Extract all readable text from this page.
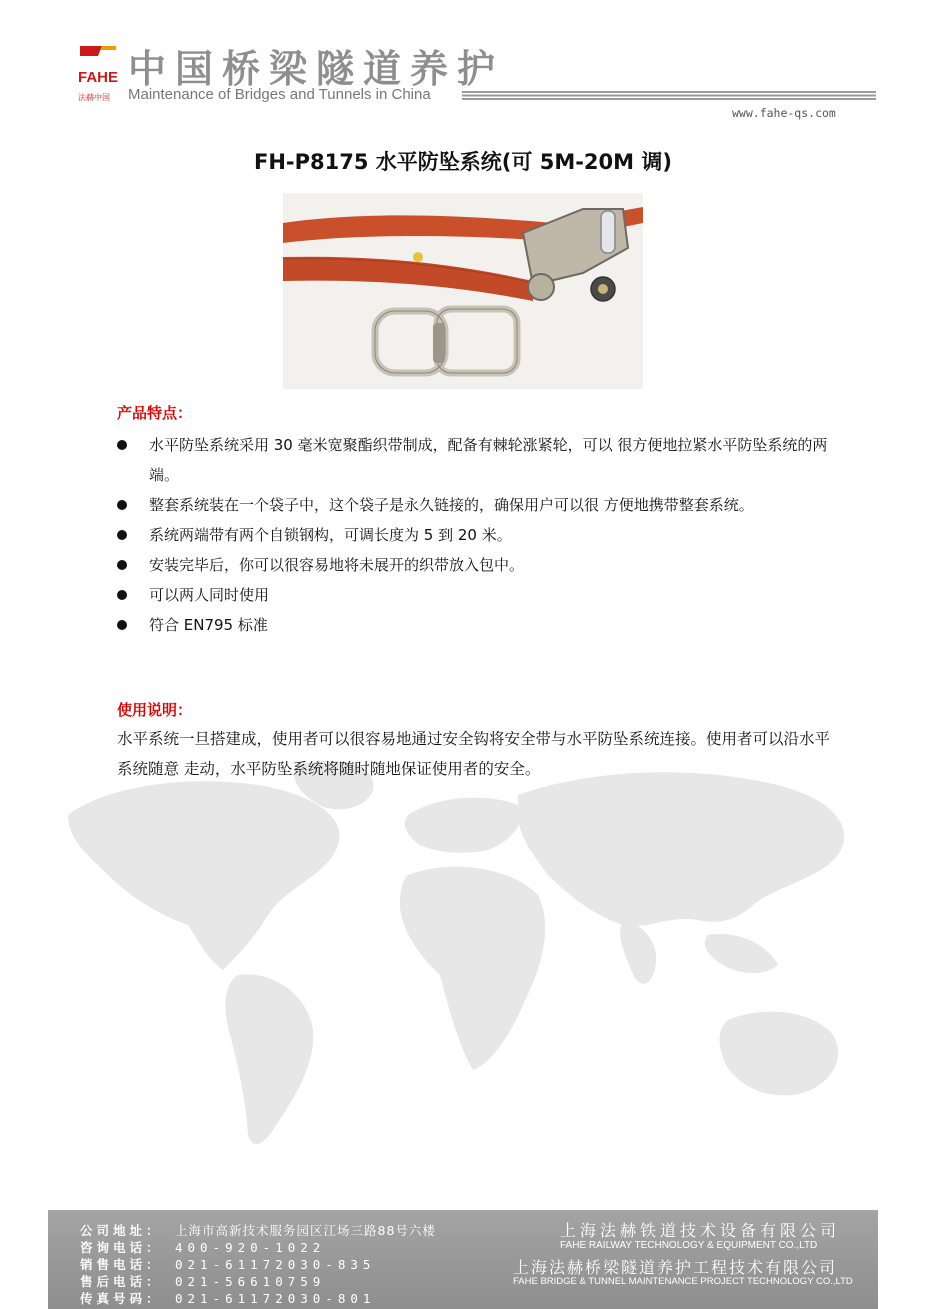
FAHE
法赫中国
中国桥梁隧道养护
Maintenance of Bridges and Tunnels in China
www.fahe-qs.com
FH-P8175 水平防坠系统(可 5M-20M 调)
产品特点：
水平防坠系统采用 30 毫米宽聚酯织带制成，配备有棘轮涨紧轮，可以 很方便地拉紧水平防坠系统的两端。
整套系统装在一个袋子中，这个袋子是永久链接的，确保用户可以很 方便地携带整套系统。
系统两端带有两个自锁钢构，可调长度为 5 到 20 米。
安装完毕后，你可以很容易地将未展开的织带放入包中。
可以两人同时使用
符合 EN795 标准
使用说明：
水平系统一旦搭建成，使用者可以很容易地通过安全钩将安全带与水平防坠系统连接。使用者可以沿水平系统随意 走动，水平防坠系统将随时随地保证使用者的安全。
公司地址： 上海市高新技术服务园区江场三路88号六楼
咨询电话： 400-920-1022
销售电话： 021-61172030-835
售后电话： 021-56610759
传真号码： 021-61172030-801
上海法赫铁道技术设备有限公司
FAHE RAILWAY TECHNOLOGY & EQUIPMENT CO.,LTD
上海法赫桥梁隧道养护工程技术有限公司
FAHE BRIDGE & TUNNEL MAINTENANCE PROJECT TECHNOLOGY CO.,LTD
